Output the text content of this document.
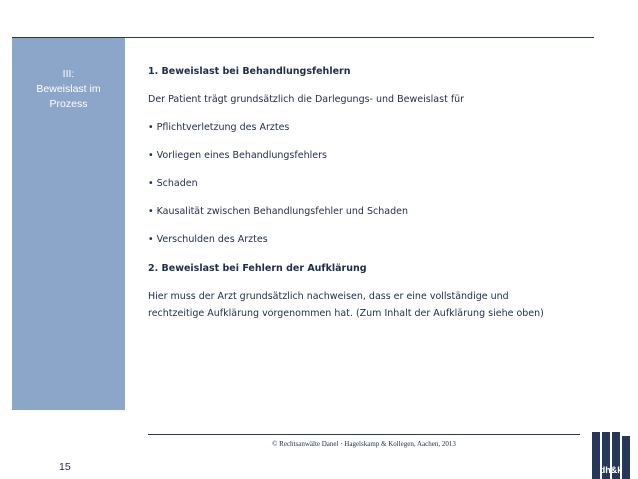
III:
Beweislast im
Prozess
1. Beweislast bei Behandlungsfehlern
Der Patient trägt grundsätzlich die Darlegungs- und Beweislast für
• Pflichtverletzung des Arztes
• Vorliegen eines Behandlungsfehlers
• Schaden
• Kausalität zwischen Behandlungsfehler und Schaden
• Verschulden des Arztes
2. Beweislast bei Fehlern der Aufklärung
Hier muss der Arzt grundsätzlich nachweisen, dass er eine vollständige und
rechtzeitige Aufklärung vorgenommen hat. (Zum Inhalt der Aufklärung siehe oben)
© Rechtsanwälte Danel · Hagelskamp & Kollegen, Aachen, 2013
15	dh&k
